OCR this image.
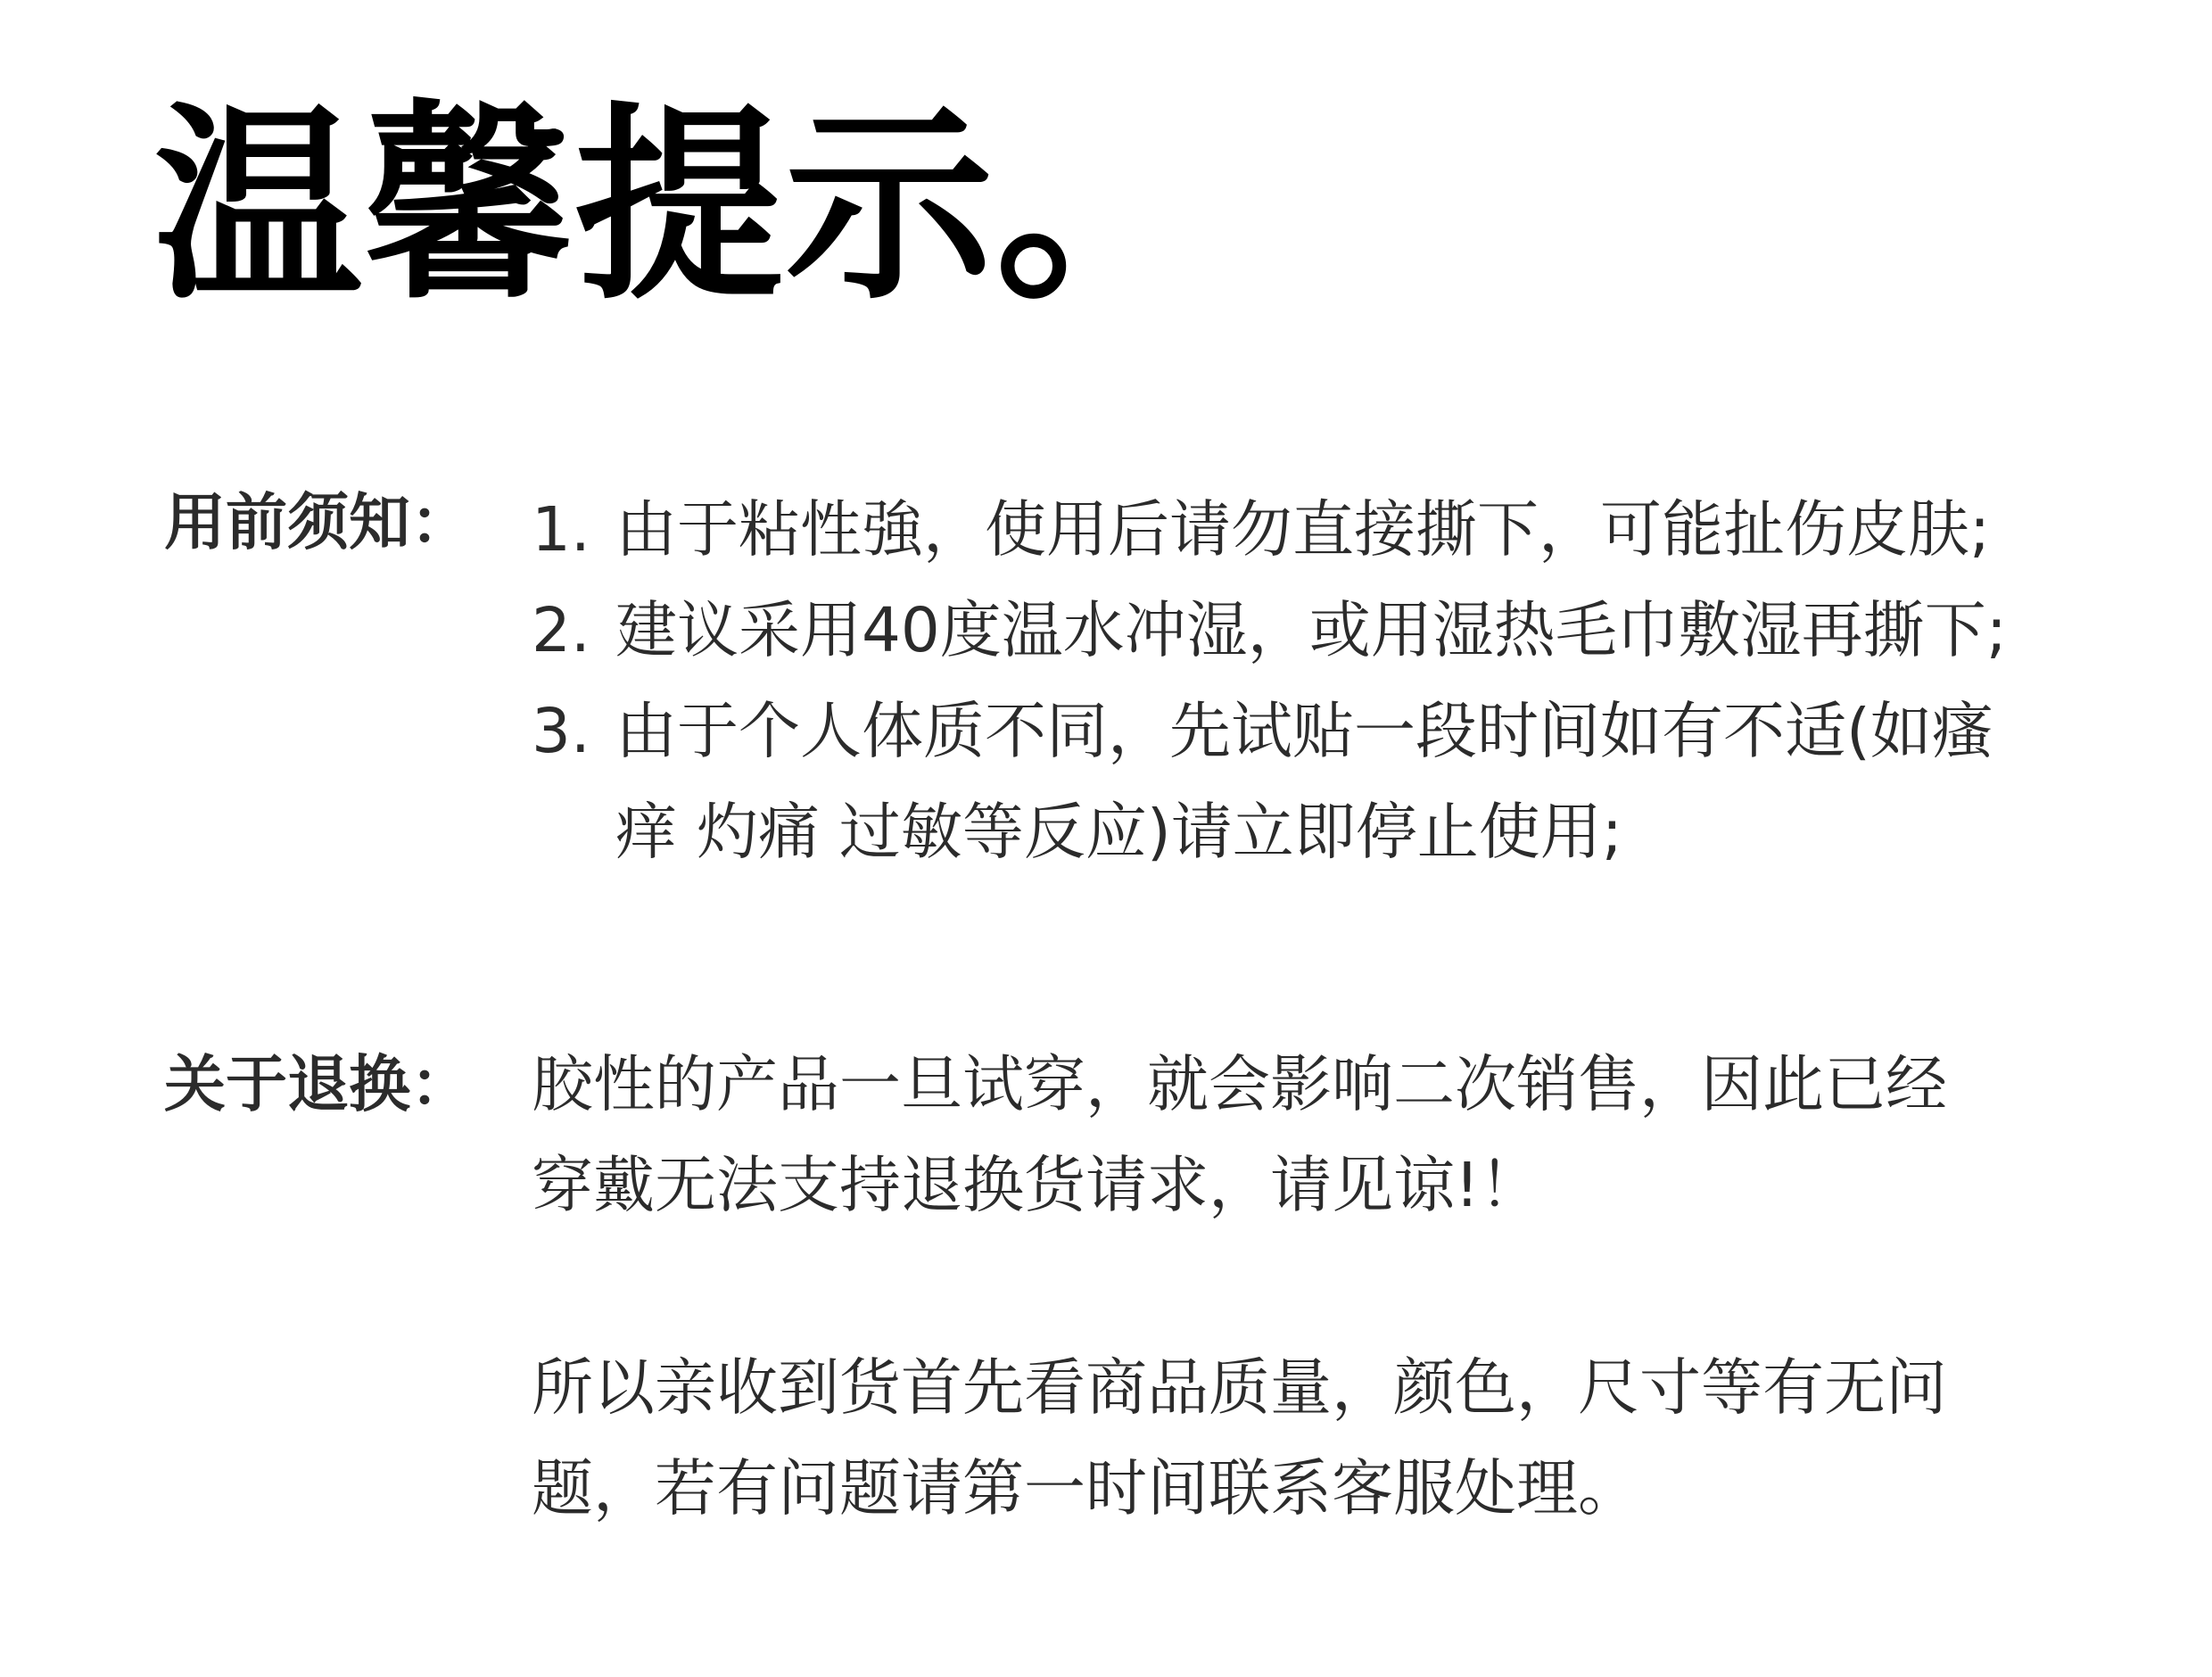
温馨提示。
用前须知： 1. 由于粘性強，使用后请勿直接撕下，可能扯伤皮肤;
2. 建议采用40度温水冲湿，或用湿热毛巾敷湿再撕下;
3. 由于个人体质不同，先试贴一段时间如有不适(如瘙
痒 灼痛 过敏等反应)请立即停止使用;
关于退换： 胶性的产品一旦试穿，就会影响二次销售，因此已经
穿戴无法支持退换货请求，请见谅!！

所以亲收到货首先看商品质量，颜色，尺寸等有无问
题，若有问题请第一时间联系客服处理。
